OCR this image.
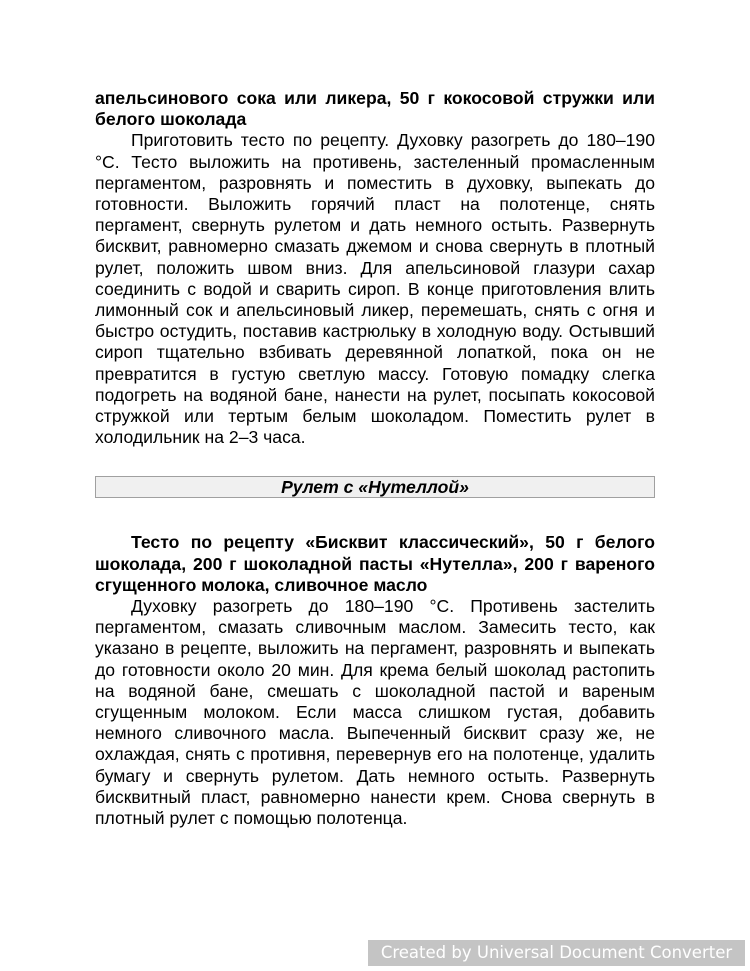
апельсинового сока или ликера, 50 г кокосовой стружки или белого шоколада

Приготовить тесто по рецепту. Духовку разогреть до 180–190 °С. Тесто выложить на противень, застеленный промасленным пергаментом, разровнять и поместить в духовку, выпекать до готовности. Выложить горячий пласт на полотенце, снять пергамент, свернуть рулетом и дать немного остыть. Развернуть бисквит, равномерно смазать джемом и снова свернуть в плотный рулет, положить швом вниз. Для апельсиновой глазури сахар соединить с водой и сварить сироп. В конце приготовления влить лимонный сок и апельсиновый ликер, перемешать, снять с огня и быстро остудить, поставив кастрюльку в холодную воду. Остывший сироп тщательно взбивать деревянной лопаткой, пока он не превратится в густую светлую массу. Готовую помадку слегка подогреть на водяной бане, нанести на рулет, посыпать кокосовой стружкой или тертым белым шоколадом. Поместить рулет в холодильник на 2–3 часа.

Рулет с «Нутеллой»

Тесто по рецепту «Бисквит классический», 50 г белого шоколада, 200 г шоколадной пасты «Нутелла», 200 г вареного сгущенного молока, сливочное масло

Духовку разогреть до 180–190 °С. Противень застелить пергаментом, смазать сливочным маслом. Замесить тесто, как указано в рецепте, выложить на пергамент, разровнять и выпекать до готовности около 20 мин. Для крема белый шоколад растопить на водяной бане, смешать с шоколадной пастой и вареным сгущенным молоком. Если масса слишком густая, добавить немного сливочного масла. Выпеченный бисквит сразу же, не охлаждая, снять с противня, перевернув его на полотенце, удалить бумагу и свернуть рулетом. Дать немного остыть. Развернуть бисквитный пласт, равномерно нанести крем. Снова свернуть в плотный рулет с помощью полотенца.

Created by Universal Document Converter
